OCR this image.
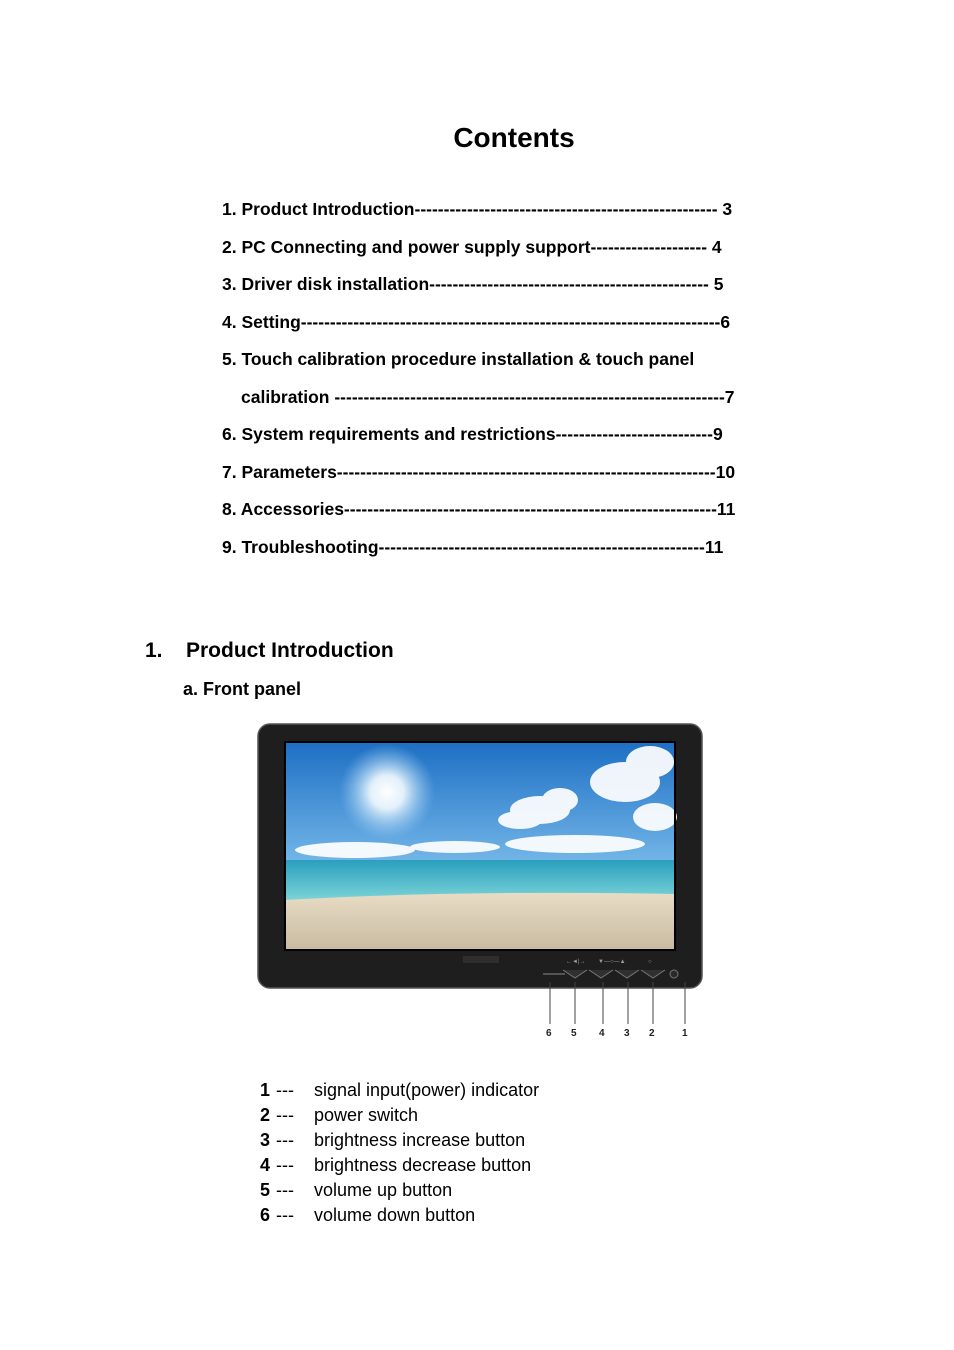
Contents
1. Product Introduction---------------------------------------------------- 3
2. PC Connecting and power supply support-------------------- 4
3. Driver disk installation------------------------------------------------ 5
4. Setting------------------------------------------------------------------------6
5. Touch calibration procedure installation & touch panel
calibration -------------------------------------------------------------------7
6. System requirements and restrictions---------------------------9
7. Parameters-----------------------------------------------------------------10
8. Accessories----------------------------------------------------------------11
9. Troubleshooting--------------------------------------------------------11
1. Product Introduction
a. Front panel
←◄|→ ▼—○—▲	○
6 5 4 3 2	1
1 --- signal input(power) indicator
2 --- power switch
3 --- brightness increase button
4 --- brightness decrease button
5 --- volume up button
6 --- volume down button
